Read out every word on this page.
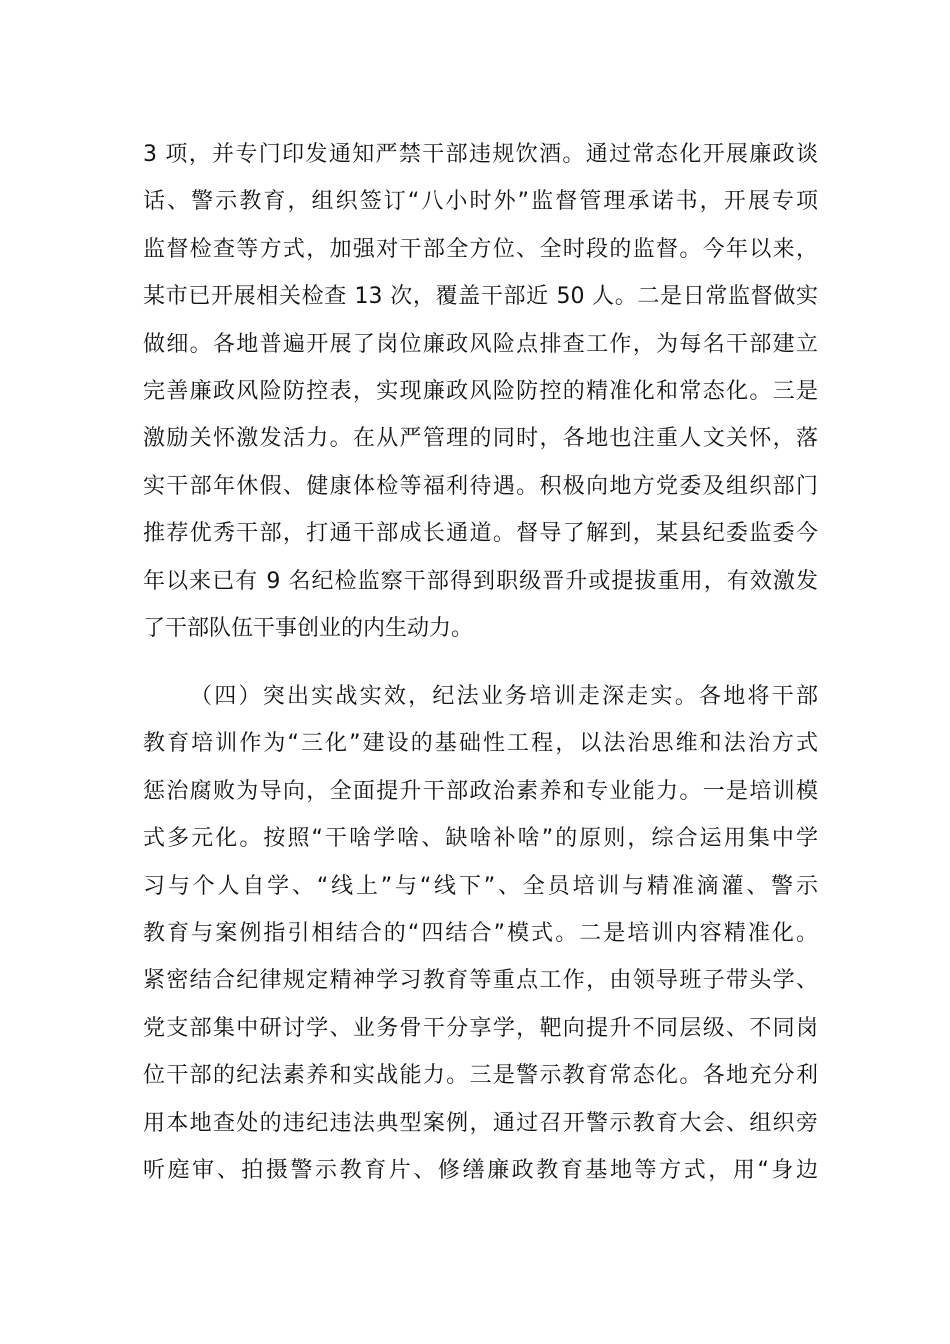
3 项，并专门印发通知严禁干部违规饮酒。通过常态化开展廉政谈
话、警示教育，组织签订“八小时外”监督管理承诺书，开展专项
监督检查等方式，加强对干部全方位、全时段的监督。今年以来，
某市已开展相关检查 13 次，覆盖干部近 50 人。二是日常监督做实
做细。各地普遍开展了岗位廉政风险点排查工作，为每名干部建立
完善廉政风险防控表，实现廉政风险防控的精准化和常态化。三是
激励关怀激发活力。在从严管理的同时，各地也注重人文关怀，落
实干部年休假、健康体检等福利待遇。积极向地方党委及组织部门
推荐优秀干部，打通干部成长通道。督导了解到，某县纪委监委今
年以来已有 9 名纪检监察干部得到职级晋升或提拔重用，有效激发
了干部队伍干事创业的内生动力。
（四）突出实战实效，纪法业务培训走深走实。各地将干部
教育培训作为“三化”建设的基础性工程，以法治思维和法治方式
惩治腐败为导向，全面提升干部政治素养和专业能力。一是培训模
式多元化。按照“干啥学啥、缺啥补啥”的原则，综合运用集中学
习与个人自学、“线上”与“线下”、全员培训与精准滴灌、警示
教育与案例指引相结合的“四结合”模式。二是培训内容精准化。
紧密结合纪律规定精神学习教育等重点工作，由领导班子带头学、
党支部集中研讨学、业务骨干分享学，靶向提升不同层级、不同岗
位干部的纪法素养和实战能力。三是警示教育常态化。各地充分利
用本地查处的违纪违法典型案例，通过召开警示教育大会、组织旁
听庭审、拍摄警示教育片、修缮廉政教育基地等方式，用“身边
